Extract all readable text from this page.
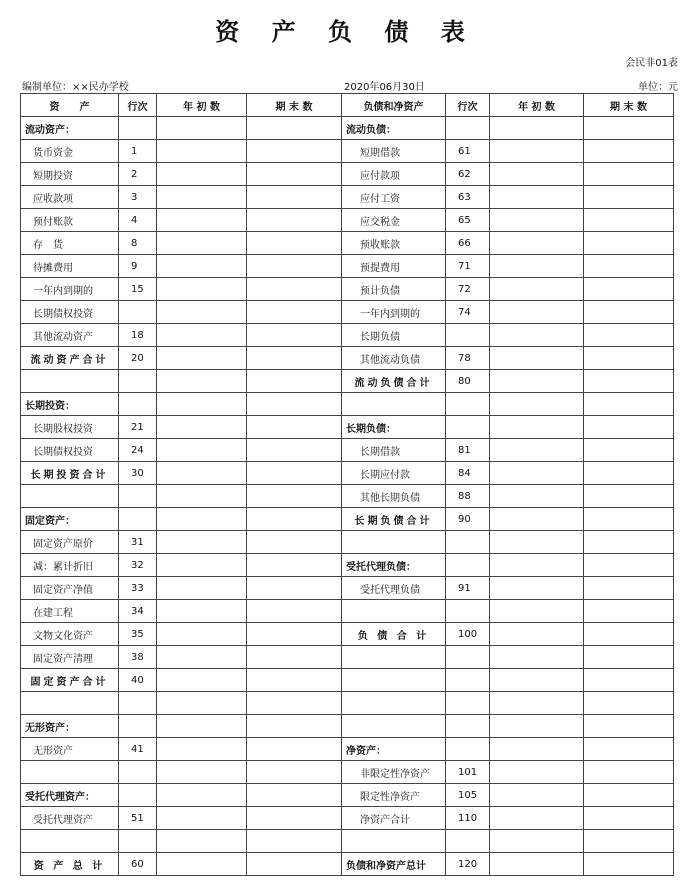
资 产 负 债 表
会民非01表
编制单位：××民办学校	2020年06月30日	单位：元
资　　产	行次	年 初 数	期 末 数	负债和净资产	行次	年 初 数	期 末 数
流动资产：				流动负债：			
货币资金	1			短期借款	61		
短期投资	2			应付款项	62		
应收款项	3			应付工资	63		
预付账款	4			应交税金	65		
存　货	8			预收账款	66		
待摊费用	9			预提费用	71		
一年内到期的	15			预计负债	72		
长期债权投资				一年内到期的	74		
其他流动资产	18			长期负债			
流动资产合计	20			其他流动负债	78		
				流动负债合计	80		
长期投资：							
长期股权投资	21			长期负债：			
长期债权投资	24			长期借款	81		
长期投资合计	30			长期应付款	84		
				其他长期负债	88		
固定资产：				长期负债合计	90		
固定资产原价	31						
减：累计折旧	32			受托代理负债：			
固定资产净值	33			受托代理负债	91		
在建工程	34						
文物文化资产	35			负 债 合 计	100		
固定资产清理	38						
固定资产合计	40						

无形资产：							
无形资产	41			净资产：			
				非限定性净资产	101		
受托代理资产：				限定性净资产	105		
受托代理资产	51			净资产合计	110		

资 产 总 计	60			负债和净资产总计	120		
